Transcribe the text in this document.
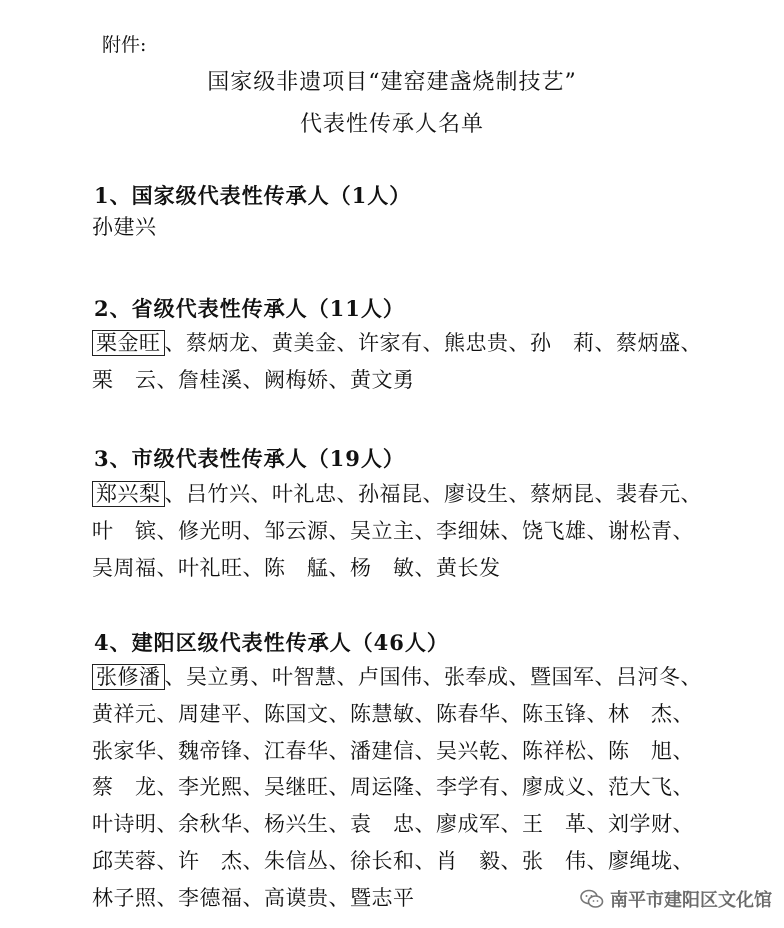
附件:
国家级非遗项目“建窑建盏烧制技艺”
代表性传承人名单
1、国家级代表性传承人（1人）
孙建兴
2、省级代表性传承人（11人）
栗金旺 、蔡炳龙、黄美金、许家有、熊忠贵、孙　莉、蔡炳盛、
栗　云、詹桂溪、阙梅娇、黄文勇
3、市级代表性传承人（19人）
郑兴梨 、吕竹兴、叶礼忠、孙福昆、廖设生、蔡炳昆、裴春元、
叶　镔、修光明、邹云源、吴立主、李细妹、饶飞雄、谢松青、
吴周福、叶礼旺、陈　艋、杨　敏、黄长发
4、建阳区级代表性传承人（46人）
张修潘 、吴立勇、叶智慧、卢国伟、张奉成、暨国军、吕河冬、
黄祥元、周建平、陈国文、陈慧敏、陈春华、陈玉锋、林　杰、
张家华、魏帝锋、江春华、潘建信、吴兴乾、陈祥松、陈　旭、
蔡　龙、李光熙、吴继旺、周运隆、李学有、廖成义、范大飞、
叶诗明、余秋华、杨兴生、袁　忠、廖成军、王　革、刘学财、
邱芙蓉、许　杰、朱信丛、徐长和、肖　毅、张　伟、廖绳垅、
林子照、李德福、高谟贵、暨志平	南平市建阳区文化馆
